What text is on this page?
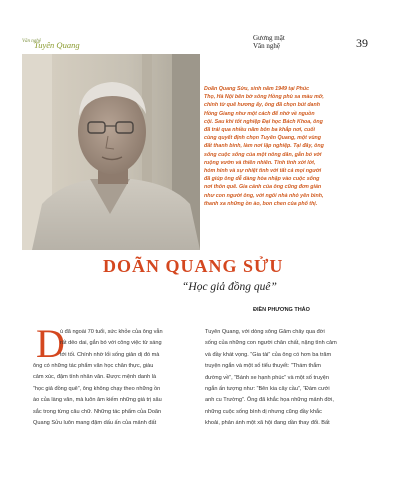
Văn nghệ
Tuyên Quang
Gương mặt
Văn nghệ	39
Doãn Quang Sửu, sinh năm 1949 tại Phúc
Thọ, Hà Nội bên bờ sông Hồng phù sa màu mỡ,
chính từ quê hương ấy, ông đã chọn bút danh
Hồng Giang như một cách để nhớ về nguồn
cội. Sau khi tốt nghiệp Đại học Bách Khoa, ông
đã trải qua nhiều năm bôn ba khắp nơi, cuối
cùng quyết định chọn Tuyên Quang, một vùng
đất thanh bình, làm nơi lập nghiệp. Tại đây, ông
sống cuộc sống của một nông dân, gắn bó với
ruộng vườn và thiên nhiên. Tính tình xởi lởi,
hóm hỉnh và sự nhiệt tình với tất cả mọi người
đã giúp ông dễ dàng hòa nhập vào cuộc sống
nơi thôn quê. Gia cảnh của ông cũng đơn giản
như con người ông, với ngôi nhà nhỏ yên bình,
thanh xa những ồn ào, bon chen của phố thị.
DOÃN QUANG SỬU
“Học giả đồng quê”
ĐIỀN PHƯƠNG THẢO
D
ù đã ngoài 70 tuổi, sức khỏe của ông vẫn
rất dẻo dai, gắn bó với công việc từ sáng
tới tối. Chính nhờ lối sống giản dị đó mà
ông có những tác phẩm văn học chân thực, giàu
cảm xúc, đậm tính nhân văn. Được mệnh danh là
“học giả đồng quê”, ông không chạy theo những ồn
ào của làng văn, mà luôn âm kiếm những giá trị sâu
sắc trong từng câu chữ. Những tác phẩm của Doãn
Quang Sửu luôn mang đậm dấu ấn của mảnh đất
Tuyên Quang, với dòng sông Gâm chảy qua đời
sống của những con người chân chất, nặng tình cảm
và đầy khát vọng. “Gia tài” của ông có hơn ba trăm
truyện ngắn và một số tiểu thuyết: “Thám thắm
đường về”, “Bánh xe hạnh phúc” và một số truyện
ngắn ấn tượng như: “Bên kia cây cầu”, “Đám cưới
anh cu Trường”. Ông đã khắc họa những mảnh đời,
những cuộc sống bình dị nhưng cũng đầy khắc
khoải, phản ánh một xã hội đang dần thay đổi. Bất
